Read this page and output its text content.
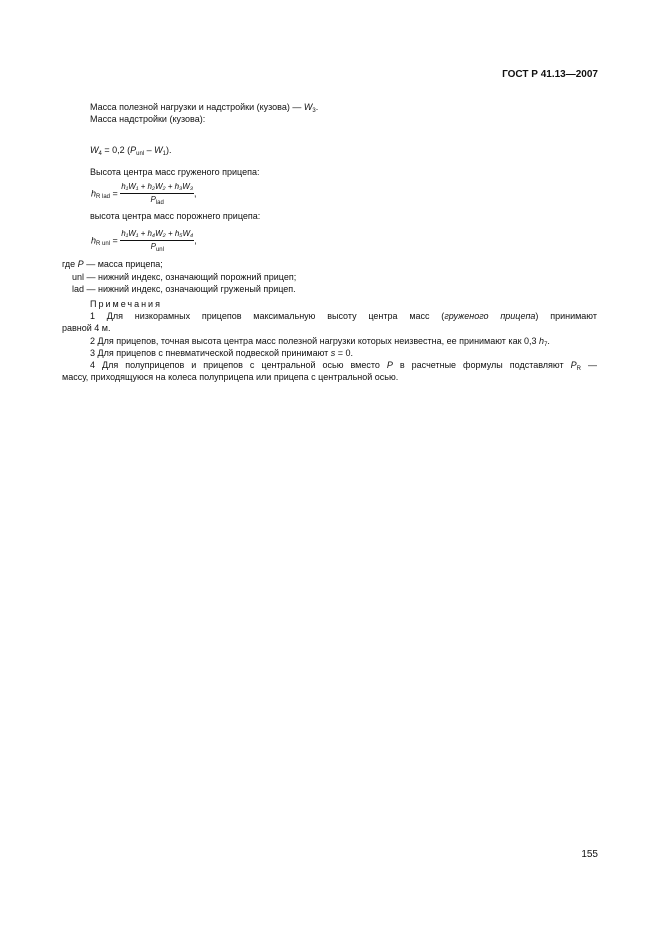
ГОСТ Р 41.13—2007
Масса полезной нагрузки и надстройки (кузова) — $W_3$.
Масса надстройки (кузова):
$W_4 = 0,2$ $(P_{unl} - W_1)$.
Высота центра масс груженого прицепа:
$h_{R lad} = \frac{\text{h₁W₁ + h₂W₂ + h₃W₃}}{P_{lad}}$ ,
высота центра масс порожнего прицепа:
$h_{R unl} = \frac{\text{h₁W₁ + h₄W₂ + h₅W₄}}{P_{unl}}$ ,
где P — масса прицепа;
unl — нижний индекс, означающий порожний прицеп;
lad — нижний индекс, означающий груженый прицеп.
Примечания
1 Для низкорамных прицепов максимальную высоту центра масс (груженого прицепа) принимают
равной 4 м.
2 Для прицепов, точная высота центра масс полезной нагрузки которых неизвестна, ее принимают как 0,3 $h_7$.
3 Для прицепов с пневматической подвеской принимают s = 0.
4 Для полуприцепов и прицепов с центральной осью вместо P в расчетные формулы подставляют $P_R$ —
массу, приходящуюся на колеса полуприцепа или прицепа с центральной осью.
155
